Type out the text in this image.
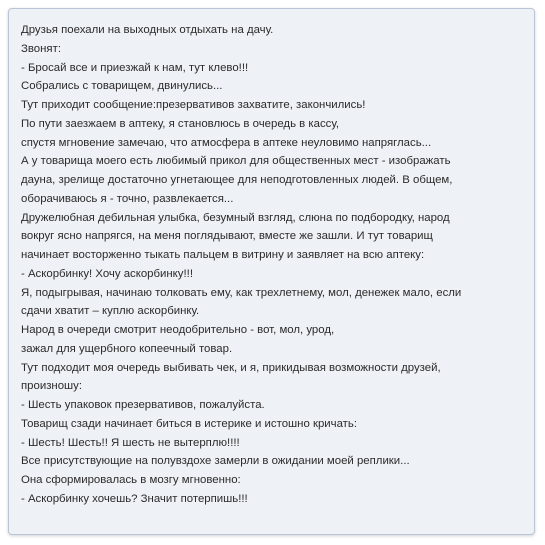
Друзья поехали на выходных отдыхать на дачу.
Звонят:
- Бросай все и приезжай к нам, тут клево!!!
Собрались с товарищем, двинулись...
Тут приходит сообщение:презервативов захватите, закончились!
По пути заезжаем в аптеку, я становлюсь в очередь в кассу,
спустя мгновение замечаю, что атмосфера в аптеке неуловимо напряглась...
А у товарища моего есть любимый прикол для общественных мест - изображать
дауна, зрелище достаточно угнетающее для неподготовленных людей. В общем,
оборачиваюсь я - точно, развлекается...
Дружелюбная дебильная улыбка, безумный взгляд, слюна по подбородку, народ
вокруг ясно напрягся, на меня поглядывают, вместе же зашли. И тут товарищ
начинает восторженно тыкать пальцем в витрину и заявляет на всю аптеку:
- Аскорбинку! Хочу аскорбинку!!!
Я, подыгрывая, начинаю толковать ему, как трехлетнему, мол, денежек мало, если
сдачи хватит – куплю аскорбинку.
Народ в очереди смотрит неодобрительно - вот, мол, урод,
зажал для ущербного копеечный товар.
Тут подходит моя очередь выбивать чек, и я, прикидывая возможности друзей,
произношу:
- Шесть упаковок презервативов, пожалуйста.
Товарищ сзади начинает биться в истерике и истошно кричать:
- Шесть! Шесть!! Я шесть не вытерплю!!!!
Все присутствующие на полувздохе замерли в ожидании моей реплики...
Она сформировалась в мозгу мгновенно:
- Аскорбинку хочешь? Значит потерпишь!!!
